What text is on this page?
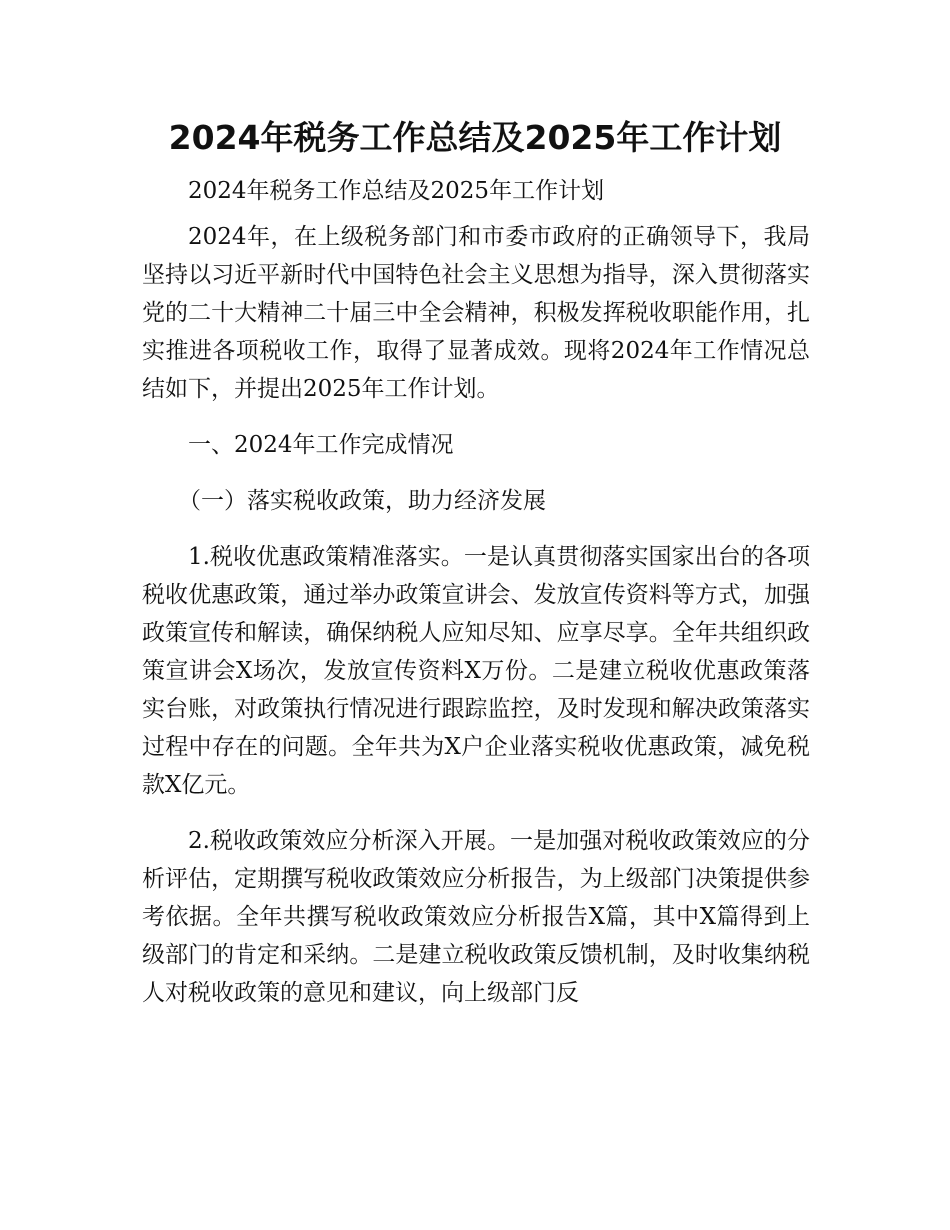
2024年税务工作总结及2025年工作计划

2024年税务工作总结及2025年工作计划

2024年，在上级税务部门和市委市政府的正确领导下，我局坚持以习近平新时代中国特色社会主义思想为指导，深入贯彻落实党的二十大精神二十届三中全会精神，积极发挥税收职能作用，扎实推进各项税收工作，取得了显著成效。现将2024年工作情况总结如下，并提出2025年工作计划。

一、2024年工作完成情况

（一）落实税收政策，助力经济发展

1.税收优惠政策精准落实。一是认真贯彻落实国家出台的各项税收优惠政策，通过举办政策宣讲会、发放宣传资料等方式，加强政策宣传和解读，确保纳税人应知尽知、应享尽享。全年共组织政策宣讲会X场次，发放宣传资料X万份。二是建立税收优惠政策落实台账，对政策执行情况进行跟踪监控，及时发现和解决政策落实过程中存在的问题。全年共为X户企业落实税收优惠政策，减免税款X亿元。

2.税收政策效应分析深入开展。一是加强对税收政策效应的分析评估，定期撰写税收政策效应分析报告，为上级部门决策提供参考依据。全年共撰写税收政策效应分析报告X篇，其中X篇得到上级部门的肯定和采纳。二是建立税收政策反馈机制，及时收集纳税人对税收政策的意见和建议，向上级部门反
